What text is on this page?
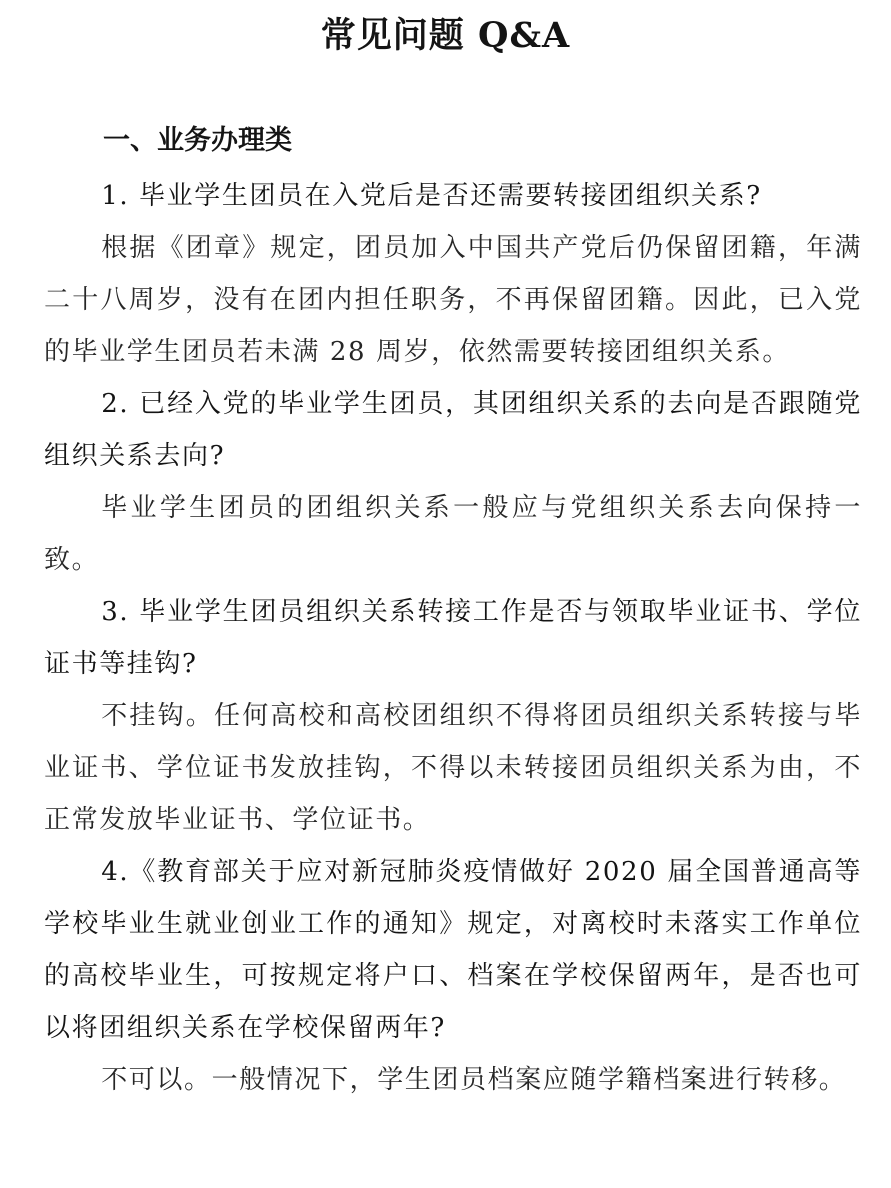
常见问题 Q&A
一、业务办理类

1. 毕业学生团员在入党后是否还需要转接团组织关系?

根据《团章》规定，团员加入中国共产党后仍保留团籍，年满二十八周岁，没有在团内担任职务，不再保留团籍。因此，已入党的毕业学生团员若未满 28 周岁，依然需要转接团组织关系。

2. 已经入党的毕业学生团员，其团组织关系的去向是否跟随党组织关系去向?

毕业学生团员的团组织关系一般应与党组织关系去向保持一致。

3. 毕业学生团员组织关系转接工作是否与领取毕业证书、学位证书等挂钩?

不挂钩。任何高校和高校团组织不得将团员组织关系转接与毕业证书、学位证书发放挂钩，不得以未转接团员组织关系为由，不正常发放毕业证书、学位证书。

4.《教育部关于应对新冠肺炎疫情做好 2020 届全国普通高等学校毕业生就业创业工作的通知》规定，对离校时未落实工作单位的高校毕业生，可按规定将户口、档案在学校保留两年，是否也可以将团组织关系在学校保留两年?

不可以。一般情况下，学生团员档案应随学籍档案进行转移。
